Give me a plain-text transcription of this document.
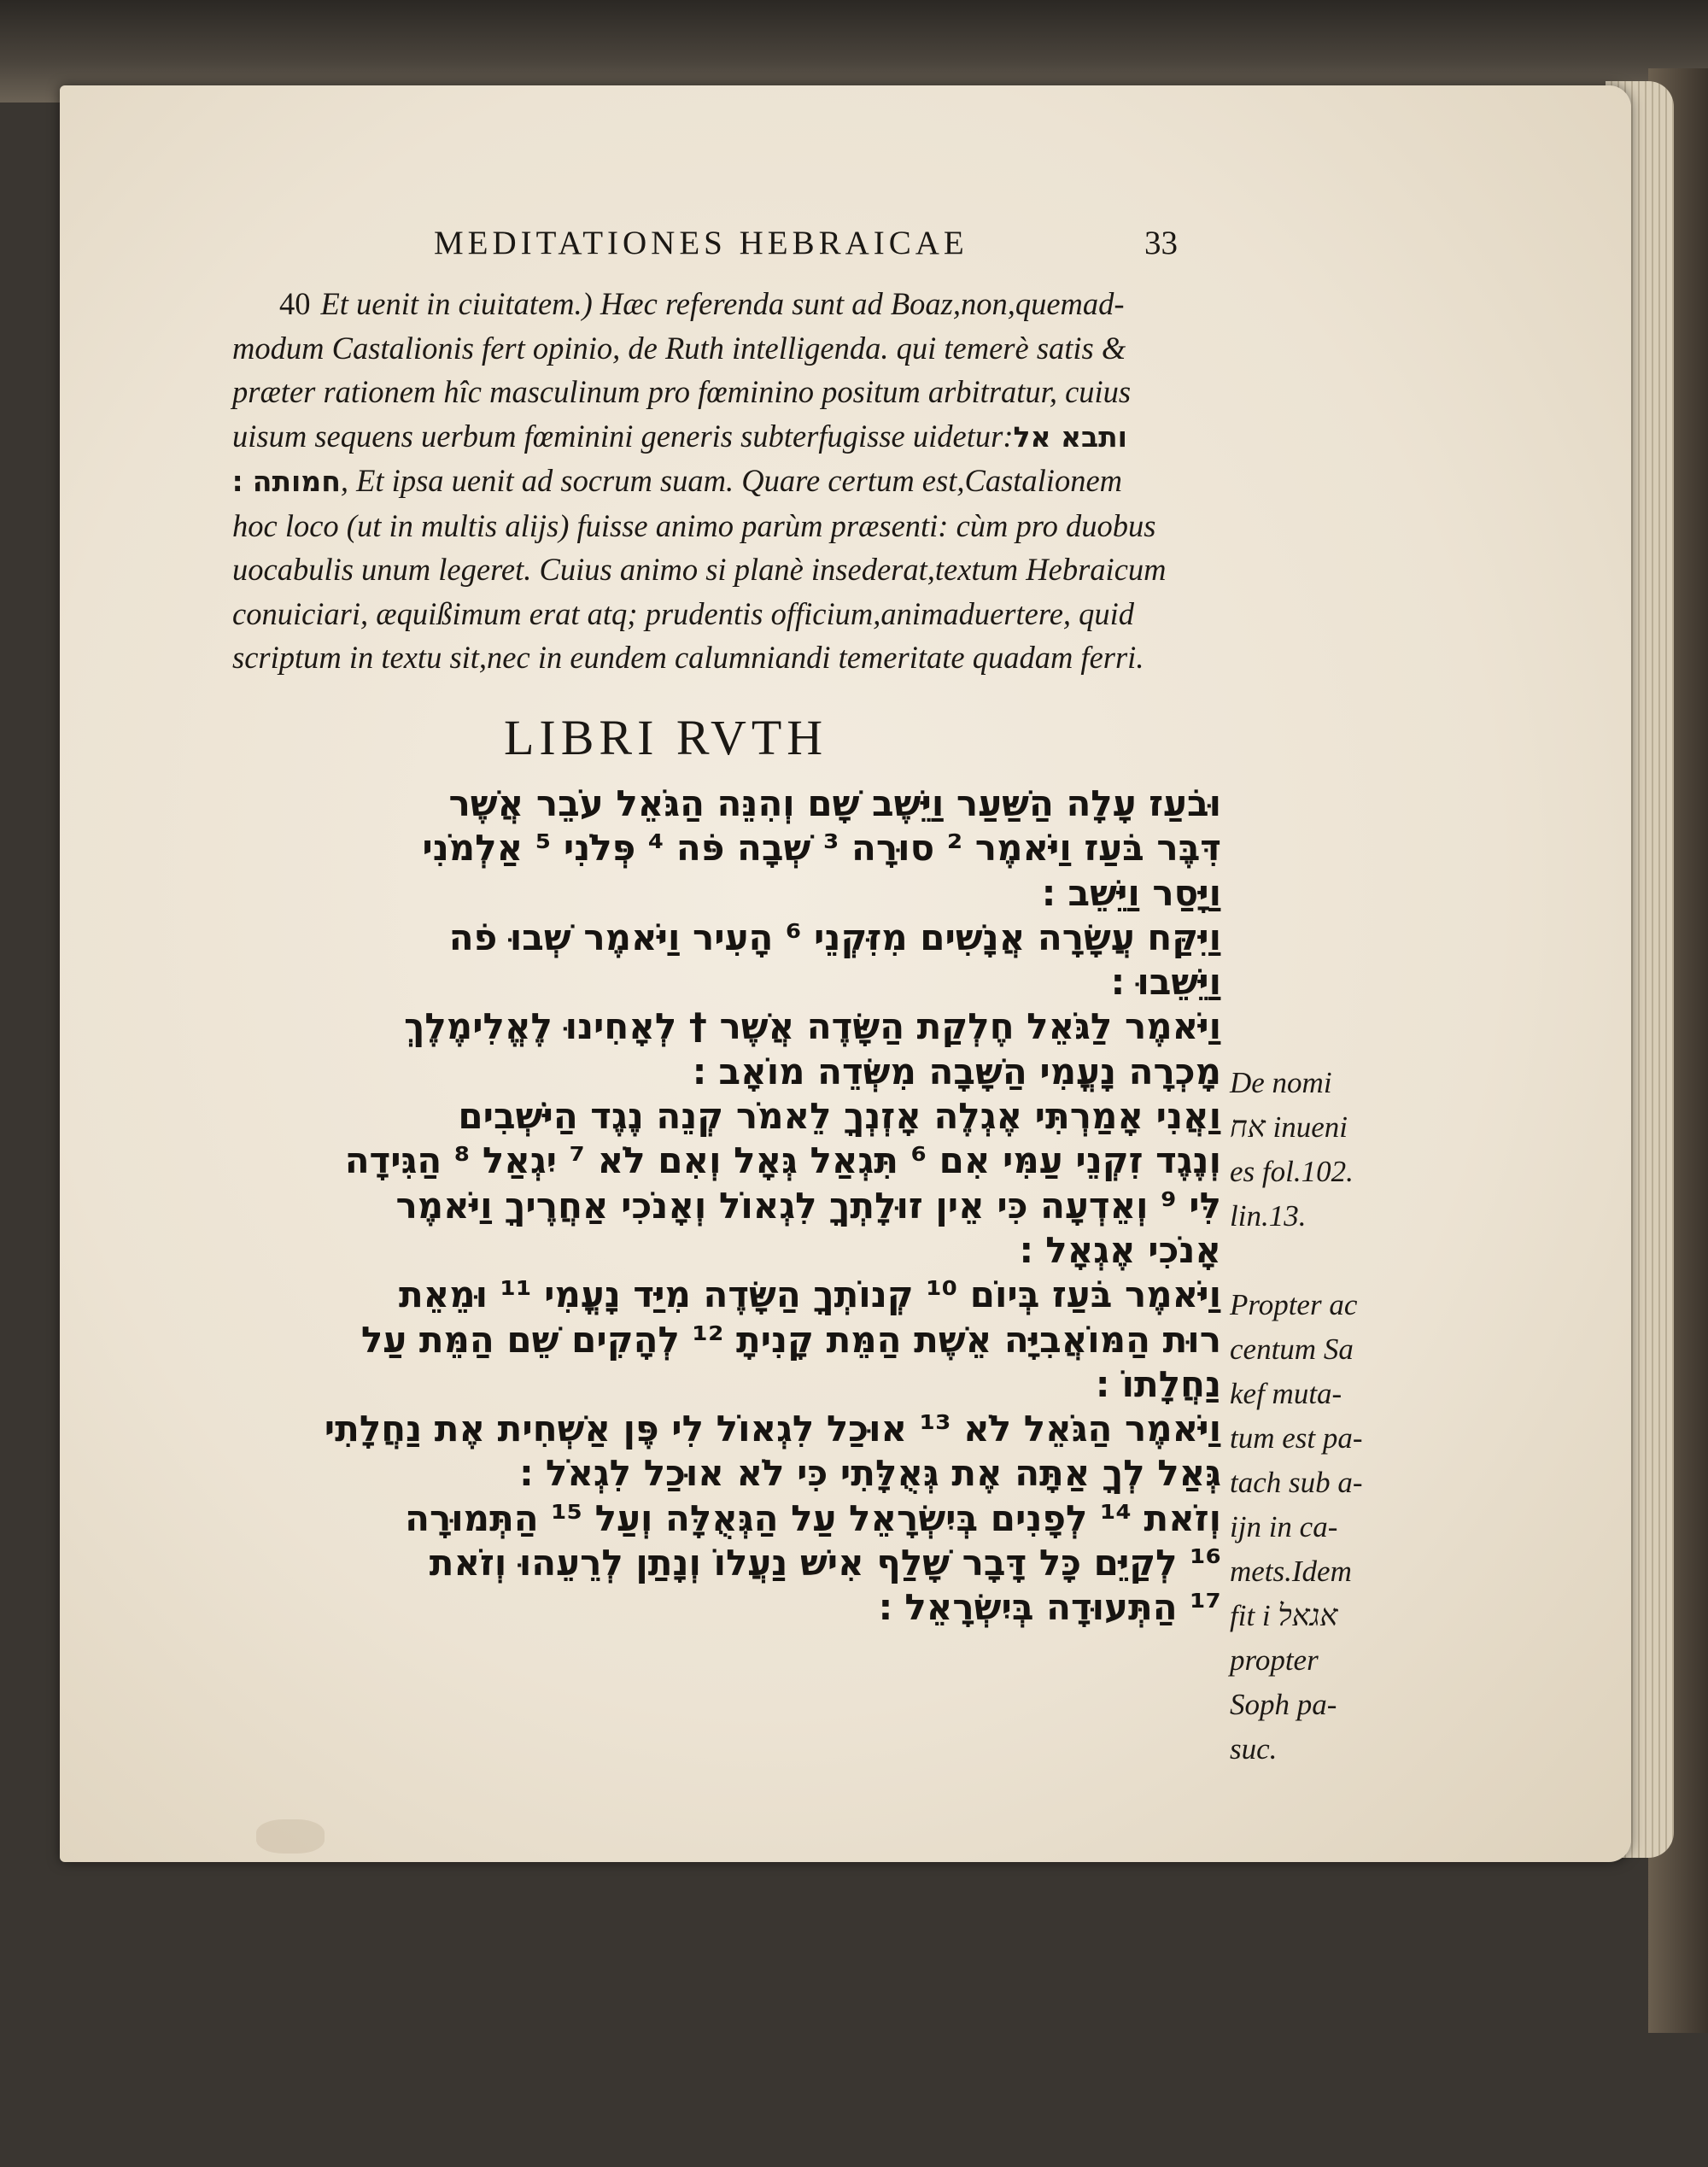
MEDITATIONES HEBRAICAE	33
40 Et uenit in ciuitatem.) Hæc referenda sunt ad Boaz,non,quemad-
modum Castalionis fert opinio, de Ruth intelligenda. qui temerè satis &
præter rationem hîc masculinum pro fœminino positum arbitratur, cuius
uisum sequens uerbum fœminini generis subterfugisse uidetur:ותבא אל
חמותה ׃, Et ipsa uenit ad socrum suam. Quare certum est,Castalionem
hoc loco (ut in multis alijs) fuisse animo parùm præsenti: cùm pro duobus
uocabulis unum legeret. Cuius animo si planè insederat,textum Hebraicum
conuiciari, æquißimum erat atq; prudentis officium,animaduertere, quid
scriptum in textu sit,nec in eundem calumniandi temeritate quadam ferri.
LIBRI RVTH
וּבֹעַז עָלָה הַשַּׁעַר וַיֵּשֶׁב שָׁם וְהִנֵּה הַגֹּאֵל עֹבֵר אֲשֶׁר
דִּבֶּר בֹּעַז וַיֹּאמֶר ² סוּרָה ³ שְׁבָה פֹּה ⁴ פְּלֹנִי ⁵ אַלְמֹנִי
וַיָּסַר וַיֵּשֵׁב ׃
וַיִּקַּח עֲשָׂרָה אֲנָשִׁים מִזִּקְנֵי ⁶ הָעִיר וַיֹּאמֶר שְׁבוּ פֹה
וַיֵּשֵׁבוּ ׃
וַיֹּאמֶר לַגֹּאֵל חֶלְקַת הַשָּׂדֶה אֲשֶׁר † לְאָחִינוּ לֶאֱלִימֶלֶךְ
מָכְרָה נָעֳמִי הַשָּׁבָה מִשְּׂדֵה מוֹאָב ׃
וַאֲנִי אָמַרְתִּי אֶגְלֶה אָזְנְךָ לֵאמֹר קְנֵה נֶגֶד הַיֹּשְׁבִים
וְנֶגֶד זִקְנֵי עַמִּי אִם ⁶ תִּגְאַל גְּאָל וְאִם לֹא ⁷ יִגְאַל ⁸ הַגִּידָה
לִּי ⁹ וְאֵדְעָה כִּי אֵין זוּלָתְךָ לִגְאוֹל וְאָנֹכִי אַחֲרֶיךָ וַיֹּאמֶר
אָנֹכִי אֶגְאָל ׃
וַיֹּאמֶר בֹּעַז בְּיוֹם ¹⁰ קְנוֹתְךָ הַשָּׂדֶה מִיַּד נָעֳמִי ¹¹ וּמֵאֵת
רוּת הַמּוֹאֲבִיָּה אֵשֶׁת הַמֵּת קָנִיתָ ¹² לְהָקִים שֵׁם הַמֵּת עַל
נַחֲלָתוֹ ׃
וַיֹּאמֶר הַגֹּאֵל לֹא ¹³ אוּכַל לִגְאוֹל לִי פֶּן אַשְׁחִית אֶת נַחֲלָתִי
גְּאַל לְךָ אַתָּה אֶת גְּאֻלָּתִי כִּי לֹא אוּכַל לִגְאֹל ׃
וְזֹאת ¹⁴ לְפָנִים בְּיִשְׂרָאֵל עַל הַגְּאֻלָּה וְעַל ¹⁵ הַתְּמוּרָה
¹⁶ לְקַיֵּם כָּל דָּבָר שָׁלַף אִישׁ נַעֲלוֹ וְנָתַן לְרֵעֵהוּ וְזֹאת
¹⁷ הַתְּעוּדָה בְּיִשְׂרָאֵל ׃
De nomi
אח inueni
es fol.102.
lin.13.
Propter ac
centum Sa
kef muta-
tum est pa-
tach sub a-
ijn in ca-
mets.Idem
fit i אגאל
propter
Soph pa-
suc.
